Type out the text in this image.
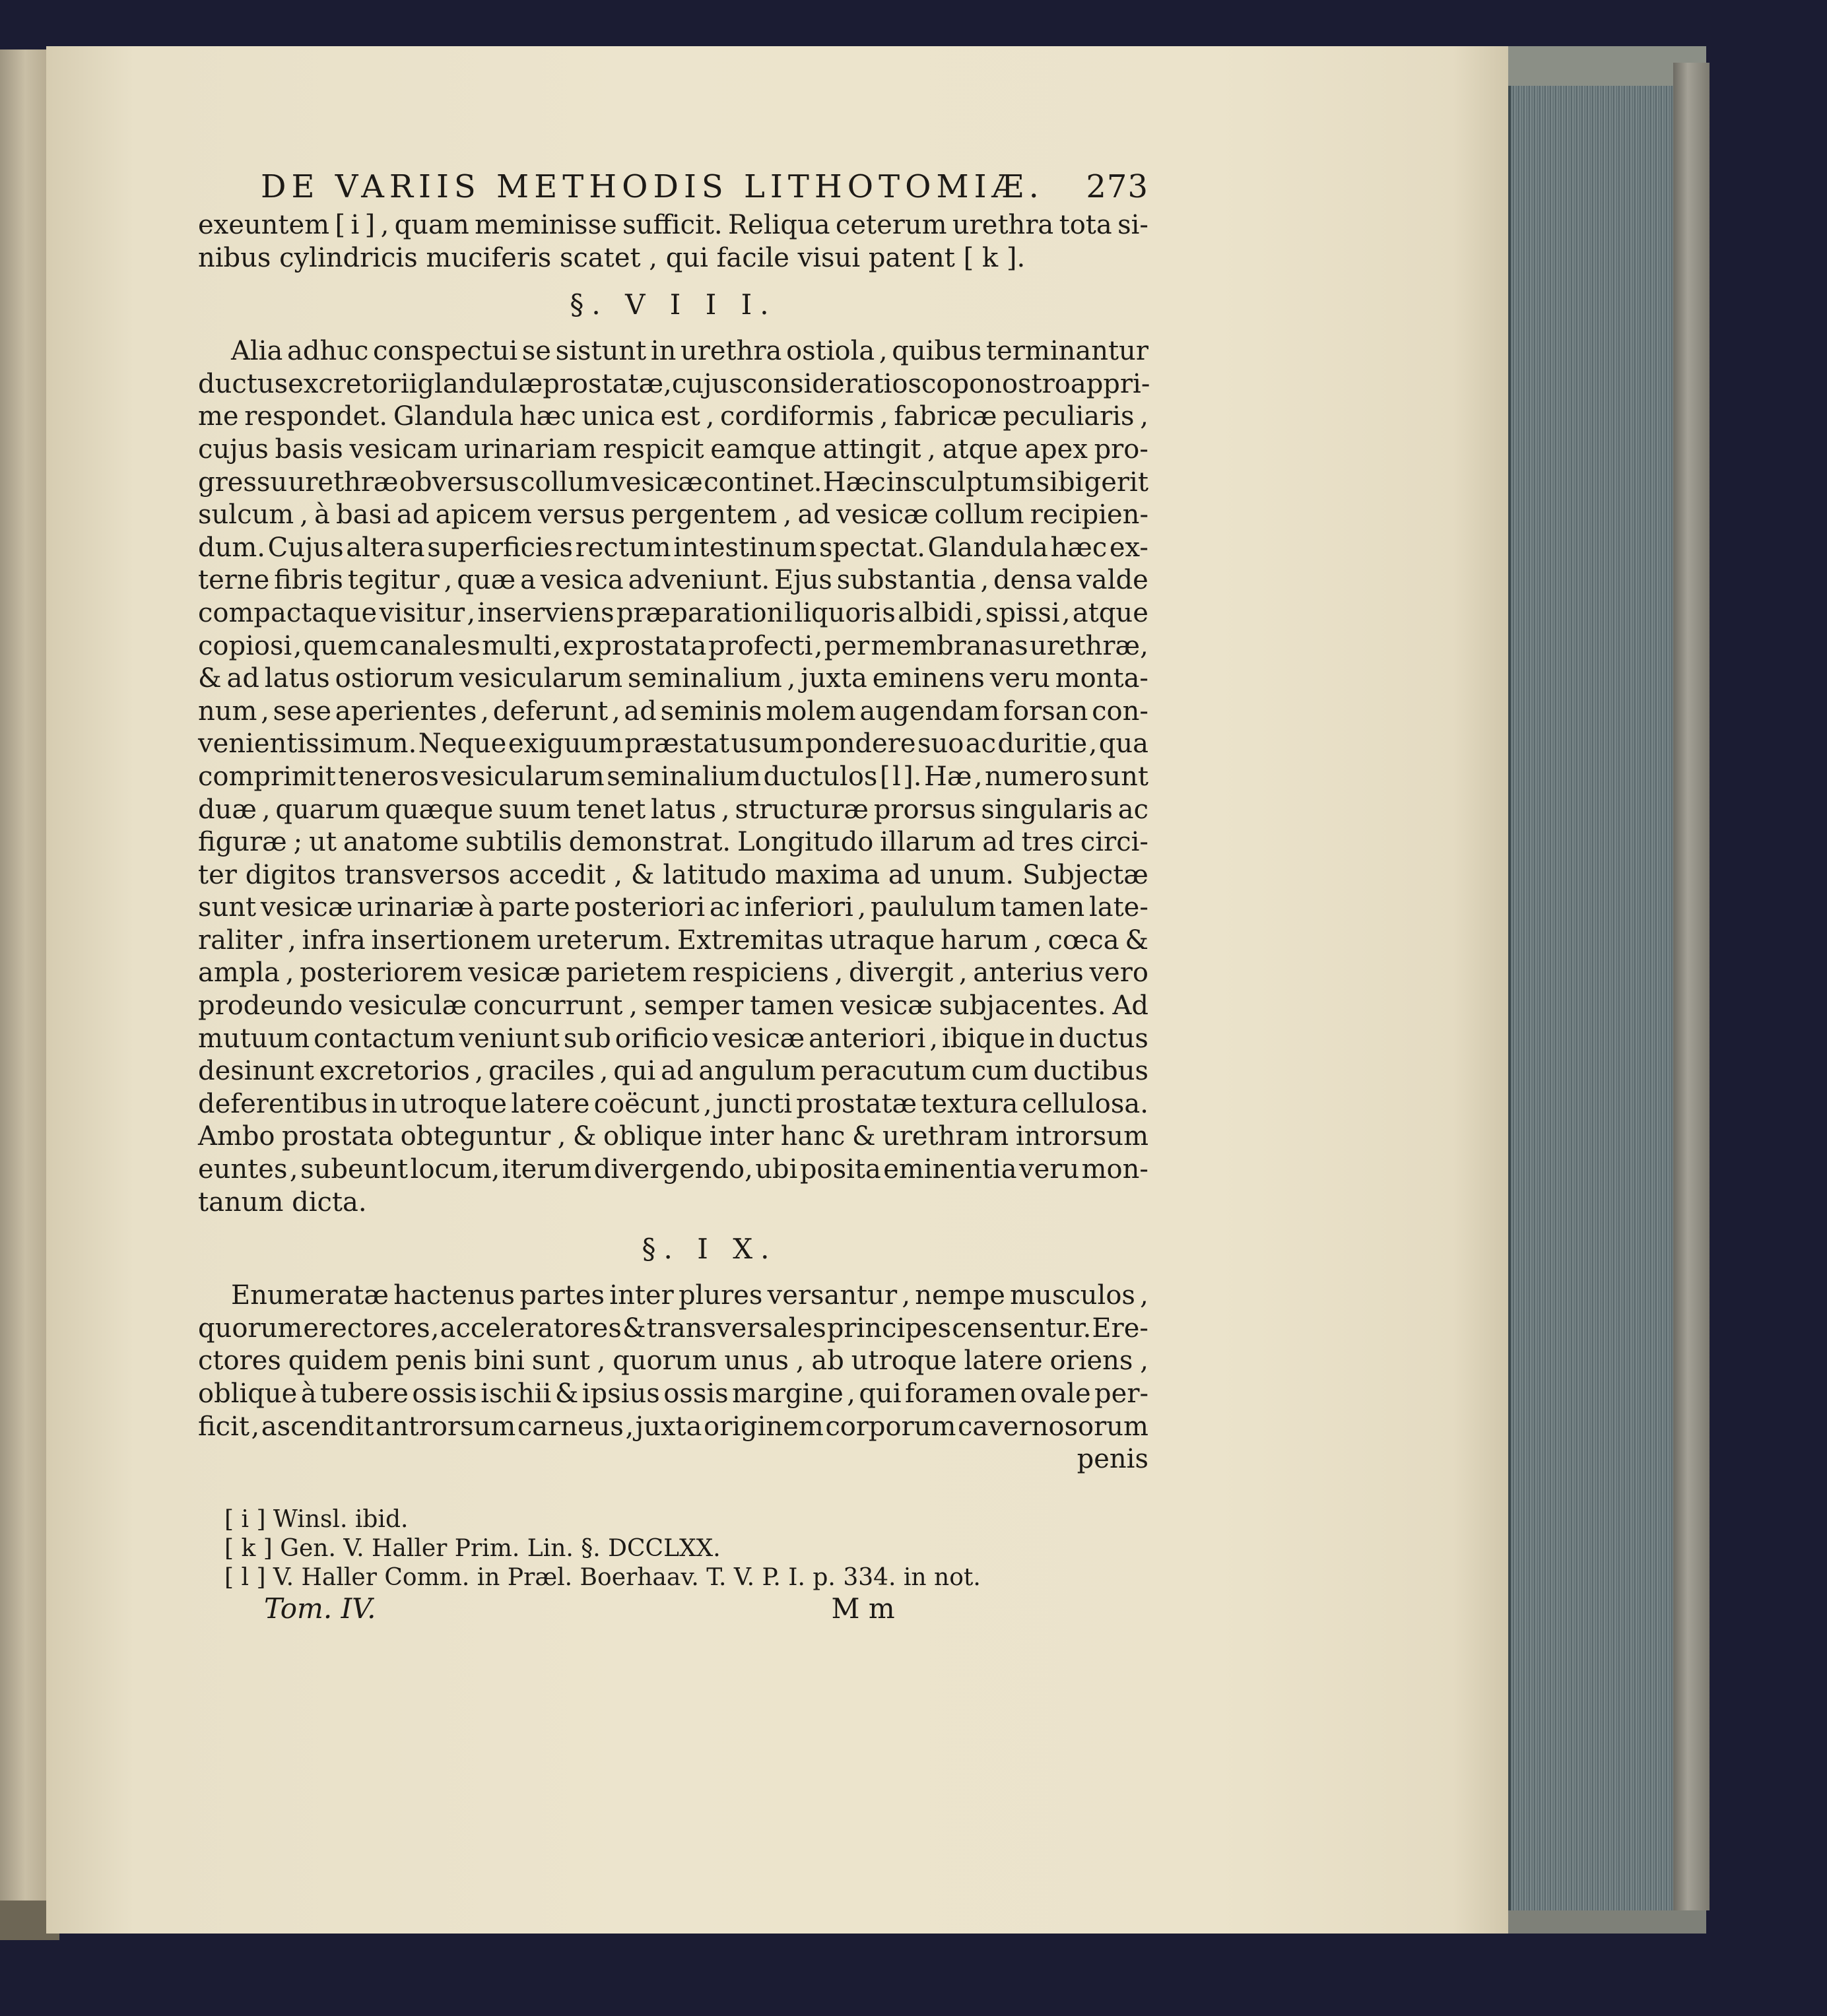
DE VARIIS METHODIS LITHOTOMIÆ. 273
exeuntem [ i ] , quam meminisse sufficit. Reliqua ceterum urethra tota si-
nibus cylindricis muciferis scatet , qui facile visui patent [ k ].
§. V I I I.
Alia adhuc conspectui se sistunt in urethra ostiola , quibus terminantur
ductus excretorii glandulæ prostatæ, cujus consideratio scopo nostro appri-
me respondet. Glandula hæc unica est , cordiformis , fabricæ peculiaris ,
cujus basis vesicam urinariam respicit eamque attingit , atque apex pro-
gressu urethræ obversus collum vesicæ continet. Hæc insculptum sibi gerit
sulcum , à basi ad apicem versus pergentem , ad vesicæ collum recipien-
dum. Cujus altera superficies rectum intestinum spectat. Glandula hæc ex-
terne fibris tegitur , quæ a vesica adveniunt. Ejus substantia , densa valde
compactaque visitur , inserviens præparationi liquoris albidi , spissi , atque
copiosi , quem canales multi , ex prostata profecti , per membranas urethræ,
& ad latus ostiorum vesicularum seminalium , juxta eminens veru monta-
num , sese aperientes , deferunt , ad seminis molem augendam forsan con-
venientissimum. Neque exiguum præstat usum pondere suo ac duritie , qua
comprimit teneros vesicularum seminalium ductulos [ l ]. Hæ , numero sunt
duæ , quarum quæque suum tenet latus , structuræ prorsus singularis ac
figuræ ; ut anatome subtilis demonstrat. Longitudo illarum ad tres circi-
ter digitos transversos accedit , & latitudo maxima ad unum. Subjectæ
sunt vesicæ urinariæ à parte posteriori ac inferiori , paululum tamen late-
raliter , infra insertionem ureterum. Extremitas utraque harum , cœca &
ampla , posteriorem vesicæ parietem respiciens , divergit , anterius vero
prodeundo vesiculæ concurrunt , semper tamen vesicæ subjacentes. Ad
mutuum contactum veniunt sub orificio vesicæ anteriori , ibique in ductus
desinunt excretorios , graciles , qui ad angulum peracutum cum ductibus
deferentibus in utroque latere coëcunt , juncti prostatæ textura cellulosa.
Ambo prostata obteguntur , & oblique inter hanc & urethram introrsum
euntes , subeunt locum, iterum divergendo, ubi posita eminentia veru mon-
tanum dicta.
§. I X.
Enumeratæ hactenus partes inter plures versantur , nempe musculos ,
quorum erectores , acceleratores & transversales principes censentur. Ere-
ctores quidem penis bini sunt , quorum unus , ab utroque latere oriens ,
oblique à tubere ossis ischii & ipsius ossis margine , qui foramen ovale per-
ficit , ascendit antrorsum carneus , juxta originem corporum cavernosorum
penis
[ i ] Winsl. ibid.
[ k ] Gen. V. Haller Prim. Lin. §. DCCLXX.
[ l ] V. Haller Comm. in Præl. Boerhaav. T. V. P. I. p. 334. in not.
Tom. IV.	M m
